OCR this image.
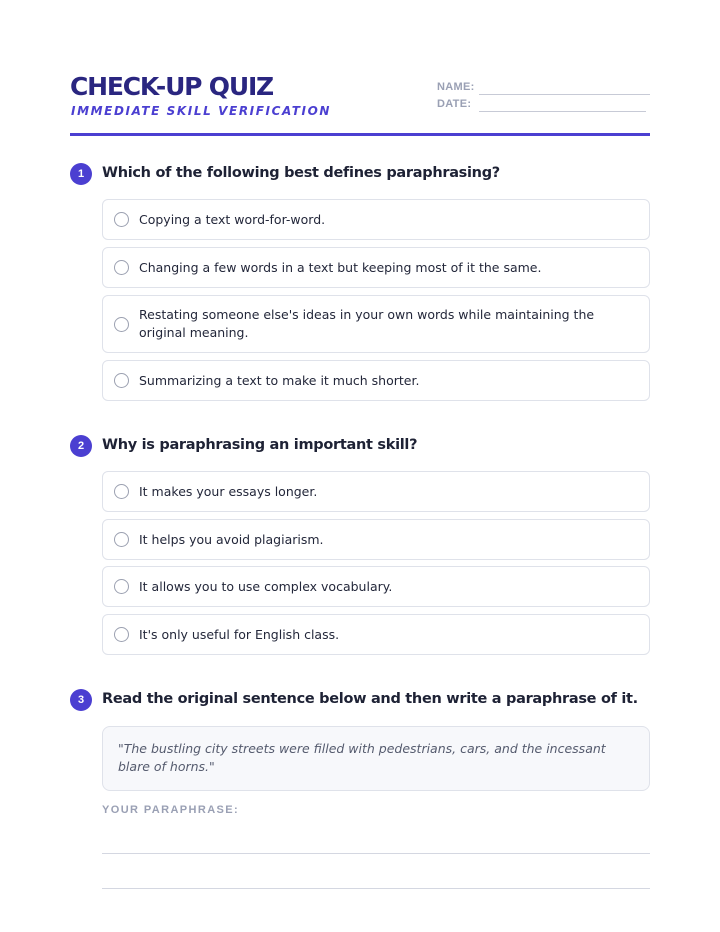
CHECK-UP QUIZ
IMMEDIATE SKILL VERIFICATION
NAME:
DATE:
1	Which of the following best defines paraphrasing?
Copying a text word-for-word.
Changing a few words in a text but keeping most of it the same.
Restating someone else's ideas in your own words while maintaining the original meaning.
Summarizing a text to make it much shorter.
2	Why is paraphrasing an important skill?
It makes your essays longer.
It helps you avoid plagiarism.
It allows you to use complex vocabulary.
It's only useful for English class.
3	Read the original sentence below and then write a paraphrase of it.
"The bustling city streets were filled with pedestrians, cars, and the incessant blare of horns."
YOUR PARAPHRASE:
